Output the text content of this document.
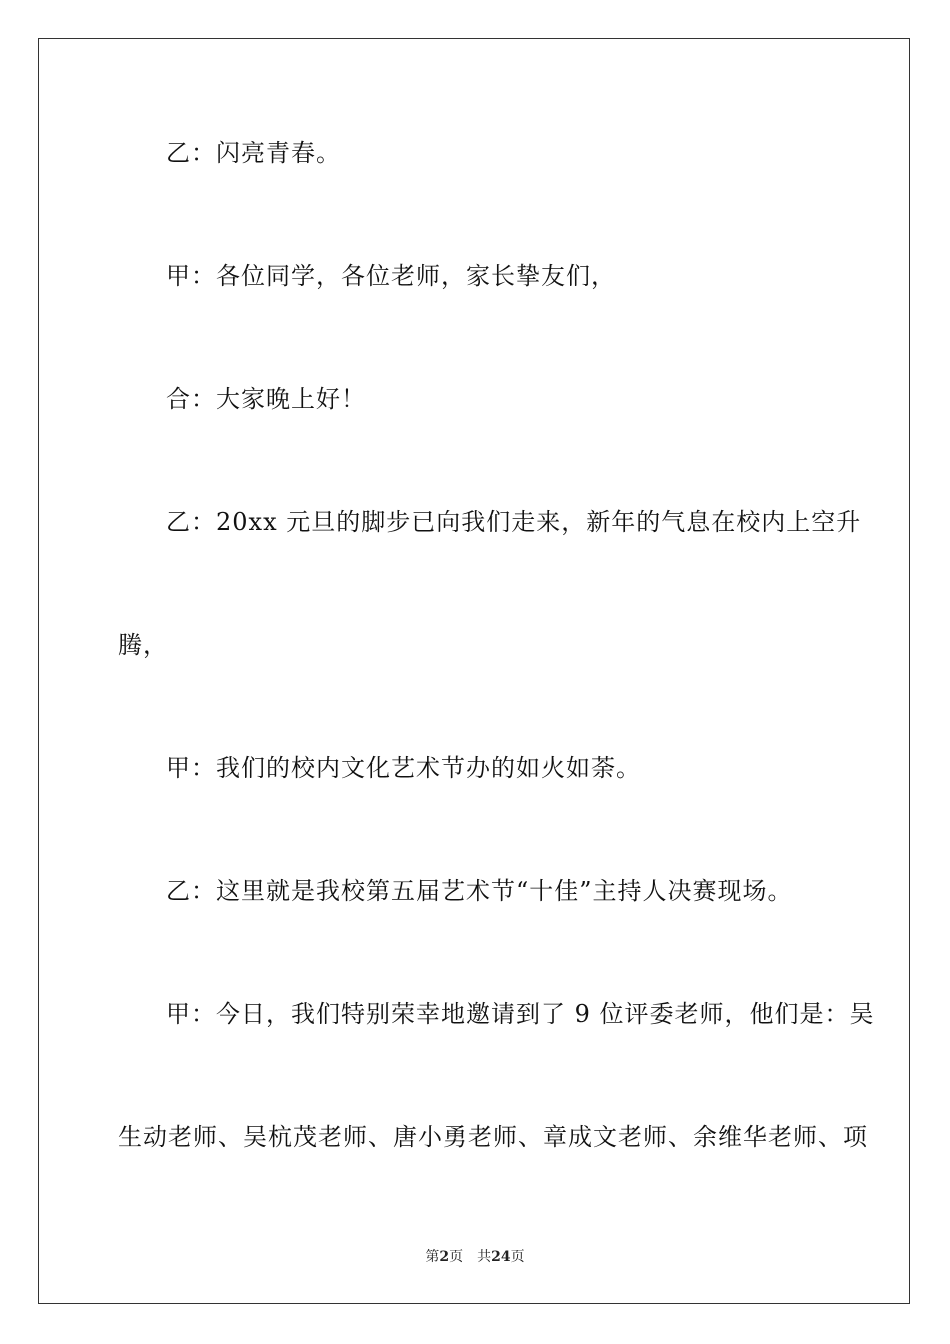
乙：闪亮青春。

甲：各位同学，各位老师，家长挚友们，

合：大家晚上好！

乙：20xx 元旦的脚步已向我们走来，新年的气息在校内上空升

腾，

甲：我们的校内文化艺术节办的如火如荼。

乙：这里就是我校第五届艺术节“十佳”主持人决赛现场。

甲：今日，我们特别荣幸地邀请到了 9 位评委老师，他们是：吴

生动老师、吴杭茂老师、唐小勇老师、章成文老师、余维华老师、项

第2页 共24页
